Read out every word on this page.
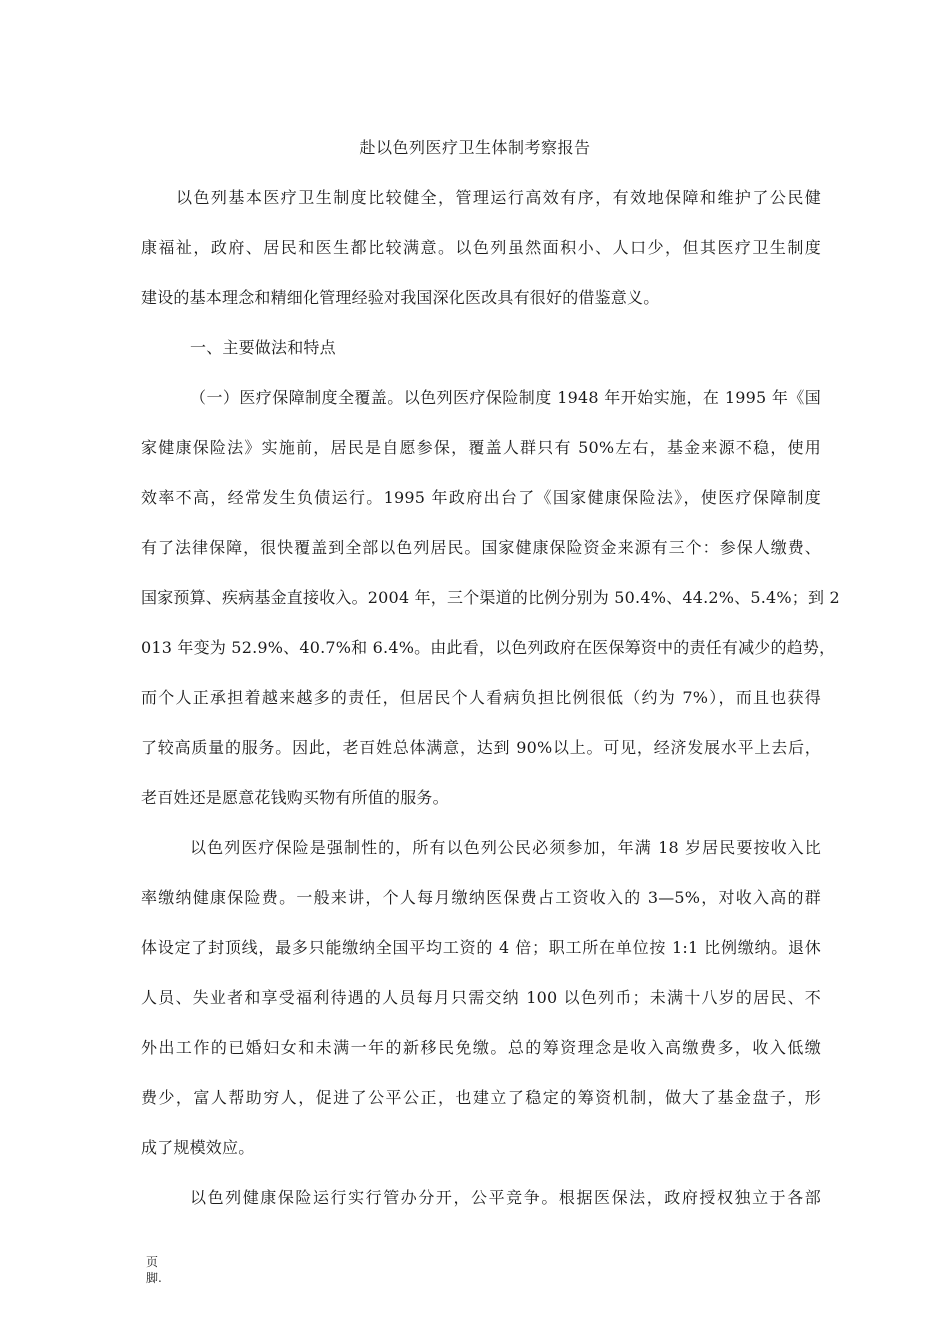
赴以色列医疗卫生体制考察报告
以色列基本医疗卫生制度比较健全，管理运行高效有序，有效地保障和维护了公民健
康福祉，政府、居民和医生都比较满意。以色列虽然面积小、人口少，但其医疗卫生制度
建设的基本理念和精细化管理经验对我国深化医改具有很好的借鉴意义。
一、主要做法和特点
（一）医疗保障制度全覆盖。以色列医疗保险制度 1948 年开始实施，在 1995 年《国
家健康保险法》实施前，居民是自愿参保，覆盖人群只有 50%左右，基金来源不稳，使用
效率不高，经常发生负债运行。1995 年政府出台了《国家健康保险法》，使医疗保障制度
有了法律保障，很快覆盖到全部以色列居民。国家健康保险资金来源有三个：参保人缴费、
国家预算、疾病基金直接收入。2004 年，三个渠道的比例分别为 50.4%、44.2%、5.4%；到 2
013 年变为 52.9%、40.7%和 6.4%。由此看，以色列政府在医保筹资中的责任有减少的趋势，
而个人正承担着越来越多的责任，但居民个人看病负担比例很低（约为 7%），而且也获得
了较高质量的服务。因此，老百姓总体满意，达到 90%以上。可见，经济发展水平上去后，
老百姓还是愿意花钱购买物有所值的服务。
以色列医疗保险是强制性的，所有以色列公民必须参加，年满 18 岁居民要按收入比
率缴纳健康保险费。一般来讲，个人每月缴纳医保费占工资收入的 3—5%，对收入高的群
体设定了封顶线，最多只能缴纳全国平均工资的 4 倍；职工所在单位按 1:1 比例缴纳。退休
人员、失业者和享受福利待遇的人员每月只需交纳 100 以色列币；未满十八岁的居民、不
外出工作的已婚妇女和未满一年的新移民免缴。总的筹资理念是收入高缴费多，收入低缴
费少，富人帮助穷人，促进了公平公正，也建立了稳定的筹资机制，做大了基金盘子，形
成了规模效应。
以色列健康保险运行实行管办分开，公平竞争。根据医保法，政府授权独立于各部
页
脚.
